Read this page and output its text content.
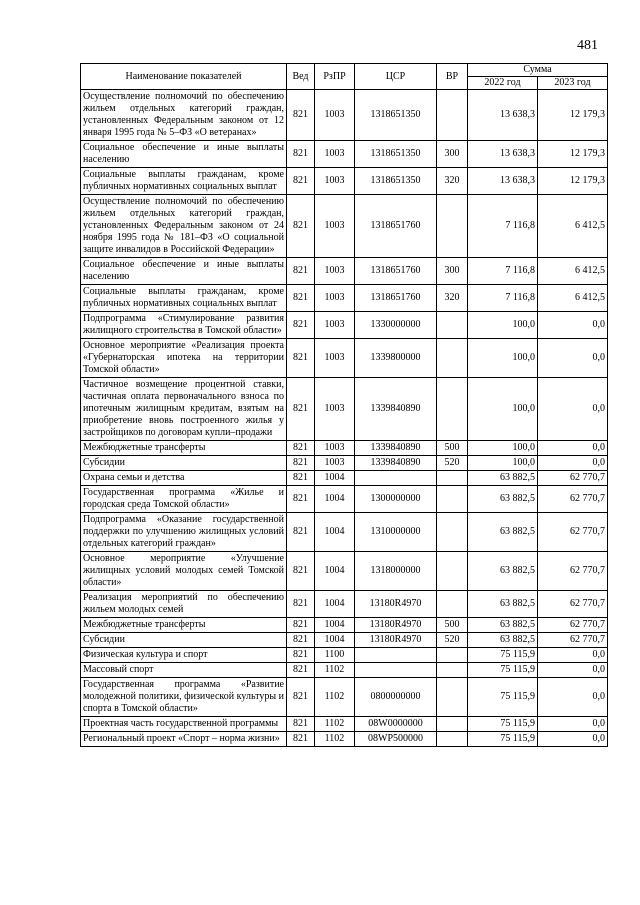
481
Наименование показателей	Вед	РзПР	ЦСР	ВР	Сумма	
					2022 год	2023 год
Осуществление полномочий по обеспечению жильем отдельных категорий граждан, установленных Федеральным законом от 12 января 1995 года № 5–ФЗ «О ветеранах»	821	1003	1318651350		13 638,3	12 179,3
Социальное обеспечение и иные выплаты населению	821	1003	1318651350	300	13 638,3	12 179,3
Социальные выплаты гражданам, кроме публичных нормативных социальных выплат	821	1003	1318651350	320	13 638,3	12 179,3
Осуществление полномочий по обеспечению жильем отдельных категорий граждан, установленных Федеральным законом от 24 ноября 1995 года № 181–ФЗ «О социальной защите инвалидов в Российской Федерации»	821	1003	1318651760		7 116,8	6 412,5
Социальное обеспечение и иные выплаты населению	821	1003	1318651760	300	7 116,8	6 412,5
Социальные выплаты гражданам, кроме публичных нормативных социальных выплат	821	1003	1318651760	320	7 116,8	6 412,5
Подпрограмма «Стимулирование развития жилищного строительства в Томской области»	821	1003	1330000000		100,0	0,0
Основное мероприятие «Реализация проекта «Губернаторская ипотека на территории Томской области»	821	1003	1339800000		100,0	0,0
Частичное возмещение процентной ставки, частичная оплата первоначального взноса по ипотечным жилищным кредитам, взятым на приобретение вновь построенного жилья у застройщиков по договорам купли–продажи	821	1003	1339840890		100,0	0,0
Межбюджетные трансферты	821	1003	1339840890	500	100,0	0,0
Субсидии	821	1003	1339840890	520	100,0	0,0
Охрана семьи и детства	821	1004			63 882,5	62 770,7
Государственная программа «Жилье и городская среда Томской области»	821	1004	1300000000		63 882,5	62 770,7
Подпрограмма «Оказание государственной поддержки по улучшению жилищных условий отдельных категорий граждан»	821	1004	1310000000		63 882,5	62 770,7
Основное мероприятие «Улучшение жилищных условий молодых семей Томской области»	821	1004	1318000000		63 882,5	62 770,7
Реализация мероприятий по обеспечению жильем молодых семей	821	1004	13180R4970		63 882,5	62 770,7
Межбюджетные трансферты	821	1004	13180R4970	500	63 882,5	62 770,7
Субсидии	821	1004	13180R4970	520	63 882,5	62 770,7
Физическая культура и спорт	821	1100			75 115,9	0,0
Массовый спорт	821	1102			75 115,9	0,0
Государственная программа «Развитие молодежной политики, физической культуры и спорта в Томской области»	821	1102	0800000000		75 115,9	0,0
Проектная часть государственной программы	821	1102	08W0000000		75 115,9	0,0
Региональный проект «Спорт – норма жизни»	821	1102	08WP500000		75 115,9	0,0
